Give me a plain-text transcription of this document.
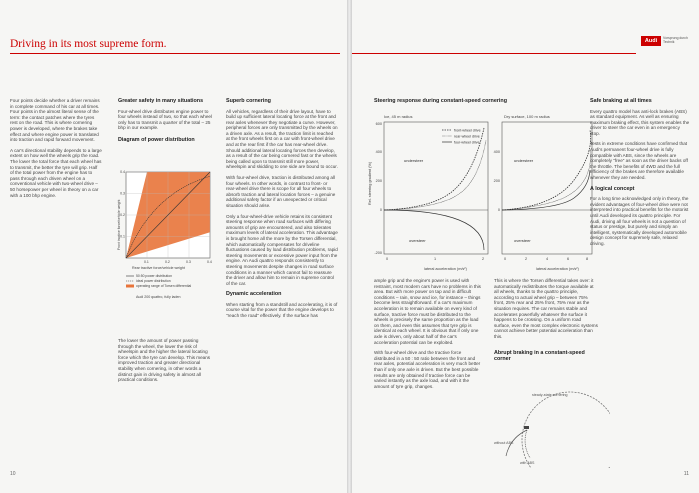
Driving in its most supreme form.

Four points decide whether a driver remains in complete command of his car at all times. Four points in the almost literal sense of the term: the contact patches where the tyres rest on the road. This is where cornering power is developed, where the brakes take effect and where engine power is translated into traction and rapid forward movement.

A car's directional stability depends to a large extent on how well the wheels grip the road. The lower the total force that each wheel has to transmit, the better the tyre will grip. Half of the total power from the engine has to pass through each driven wheel on a conventional vehicle with two-wheel drive – 50 horsepower per wheel in theory on a car with a 100 bhp engine.

Greater safety in many situations

Four-wheel drive distributes engine power to four wheels instead of two, so that each wheel only has to transmit a quarter of the total – 25 bhp in our example.

Diagram of power distribution
0.1
0.1
0.2
0.2
0.3
0.3
0.4
0.4
Rear tractive force/vehicle weight
Front tractive force/vehicle weight
50:50 power distribution
ideal power distribution
operating range of Torsen differential
Audi 200 quattro, fully laden

The lower the amount of power passing through the wheel, the lower the risk of wheelspin and the higher the lateral locating force which the tyre can develop. This means improved traction and greater directional stability when cornering, in other words a distinct gain in driving safety in almost all practical conditions.

Superb cornering

All vehicles, regardless of their drive layout, have to build up sufficient lateral locating force at the front and rear axles whenever they negotiate a curve. However, peripheral forces are only transmitted by the wheels on a driven axle. As a result, the traction limit is reached at the front wheels first on a car with front-wheel drive and at the rear first if the car has rear-wheel drive. Should additional lateral locating forces then develop, as a result of the car being cornered fast or the wheels being called upon to transmit still more power, wheelspin and skidding to one side are bound to occur.

With four-wheel drive, traction is distributed among all four wheels. In other words, in contrast to front- or rear-wheel drive there is scope for all four wheels to absorb traction and lateral location forces – a genuine additional safety factor if an unexpected or critical situation should arise.

Only a four-wheel-drive vehicle retains its consistent steering response when road surfaces with differing amounts of grip are encountered, and also tolerates maximum levels of lateral acceleration. This advantage is brought home all the more by the Torsen differential, which automatically compensates for driveline fluctuations caused by load distribution problems, rapid steering movements or excessive power input from the engine. An Audi quattro responds consistently to steering movements despite changes in road surface conditions in a manner which cannot fail to reassure the driver and allow him to remain in supreme control of the car.

Dynamic acceleration

When starting from a standstill and accelerating, it is of course vital for the power that the engine develops to "reach the road" effectively. If the surface has

10
Audi	Vorsprung durch Technik
Steering response during constant-speed cornering
Ice, 45 m radius	Dry surface, 100 m radius
Rel. steering gradient (%)
600
400
200
0
-200
0	1	2
understeer
oversteer
front-wheel drive
rear-wheel drive
four-wheel drive
400
200
0
0	2	4	6	8
understeer
oversteer
lateral acceleration (m/s²)	lateral acceleration (m/s²)

ample grip and the engine's power is used with restraint, most modern cars have no problems in this area. But with more power on tap and in difficult conditions – rain, snow and ice, for instance – things become less straightforward. If a car's maximum acceleration is to remain available on every kind of surface, tractive force must be distributed to the wheels in precisely the same proportion as the load on them, and even this assumes that tyre grip is identical at each wheel. It is obvious that if only one axle is driven, only about half of the car's acceleration potential can be exploited.

With four-wheel drive and the tractive force distributed in a 50 : 50 ratio between the front and rear axles, potential acceleration is very much better than if only one axle is driven. But the best possible results are only obtained if tractive force can be varied instantly as the axle load, and with it the amount of tyre grip, changes.

This is where the Torsen differential takes over: it automatically redistributes the torque available at all wheels, thanks to the quattro principle, according to actual wheel grip – between 75% front, 25% rear and 25% front, 75% rear as the situation requires. The car remains stable and accelerates powerfully whatever the surface it happens to be crossing. On a uniform road surface, even the most complex electronic systems cannot achieve better potential acceleration than this.

Abrupt braking in a constant-speed corner
steady-state cornering
without ABS
with ABS
Safe braking at all times

Every quattro model has anti-lock brakes (ABS) as standard equipment. As well as ensuring maximum braking effect, this system enables the driver to steer the car even in an emergency stop.

Tests in extreme conditions have confirmed that Audi's permanent four-wheel drive is fully compatible with ABS, since the wheels are completely "free" as soon as the driver backs off the throttle. The benefits of 4WD and the full efficiency of the brakes are therefore available whenever they are needed.

A logical concept

For a long time acknowledged only in theory, the evident advantages of four-wheel drive were not interpreted into practical benefits for the motorist until Audi developed its quattro principle. For Audi, driving all four wheels is not a question of status or prestige, but purely and simply an intelligent, systematically developed automobile design concept for supremely safe, relaxed driving.

11
